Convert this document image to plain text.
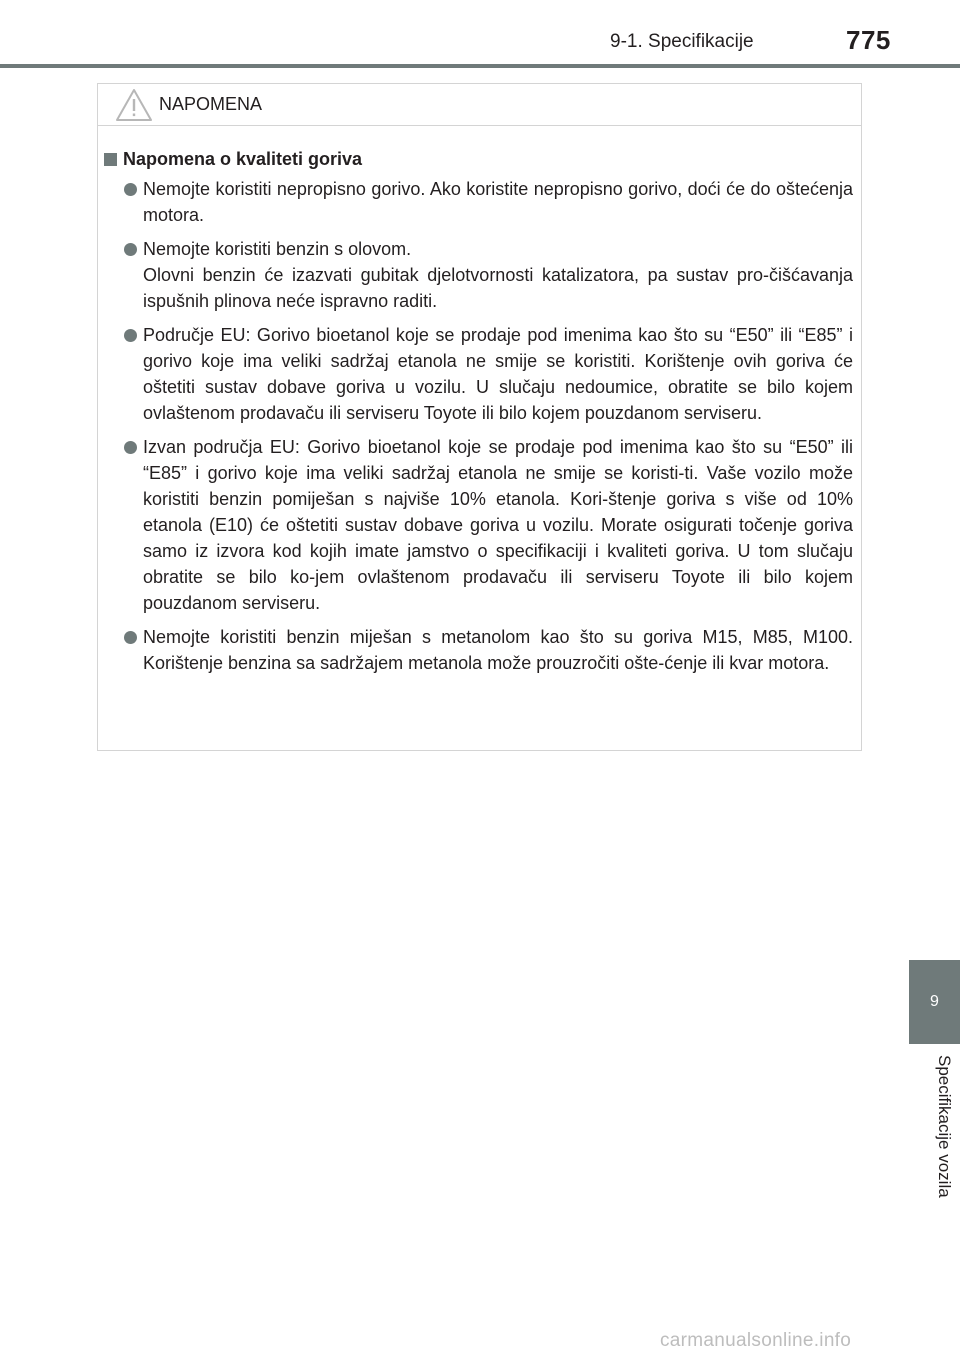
9-1. Specifikacije	775
NAPOMENA
Napomena o kvaliteti goriva

Nemojte koristiti nepropisno gorivo. Ako koristite nepropisno gorivo, doći će do oštećenja motora.

Nemojte koristiti benzin s olovom.

Olovni benzin će izazvati gubitak djelotvornosti katalizatora, pa sustav pro-čišćavanja ispušnih plinova neće ispravno raditi.

Područje EU: Gorivo bioetanol koje se prodaje pod imenima kao što su “E50” ili “E85” i gorivo koje ima veliki sadržaj etanola ne smije se koristiti. Korištenje ovih goriva će oštetiti sustav dobave goriva u vozilu. U slučaju nedoumice, obratite se bilo kojem ovlaštenom prodavaču ili serviseru Toyote ili bilo kojem pouzdanom serviseru.

Izvan područja EU: Gorivo bioetanol koje se prodaje pod imenima kao što su “E50” ili “E85” i gorivo koje ima veliki sadržaj etanola ne smije se koristi-ti. Vaše vozilo može koristiti benzin pomiješan s najviše 10% etanola. Kori-štenje goriva s više od 10% etanola (E10) će oštetiti sustav dobave goriva u vozilu. Morate osigurati točenje goriva samo iz izvora kod kojih imate jamstvo o specifikaciji i kvaliteti goriva. U tom slučaju obratite se bilo ko-jem ovlaštenom prodavaču ili serviseru Toyote ili bilo kojem pouzdanom serviseru.

Nemojte koristiti benzin miješan s metanolom kao što su goriva M15, M85, M100. Korištenje benzina sa sadržajem metanola može prouzročiti ošte-ćenje ili kvar motora.

9
Specifikacije vozila
carmanualsonline.info
